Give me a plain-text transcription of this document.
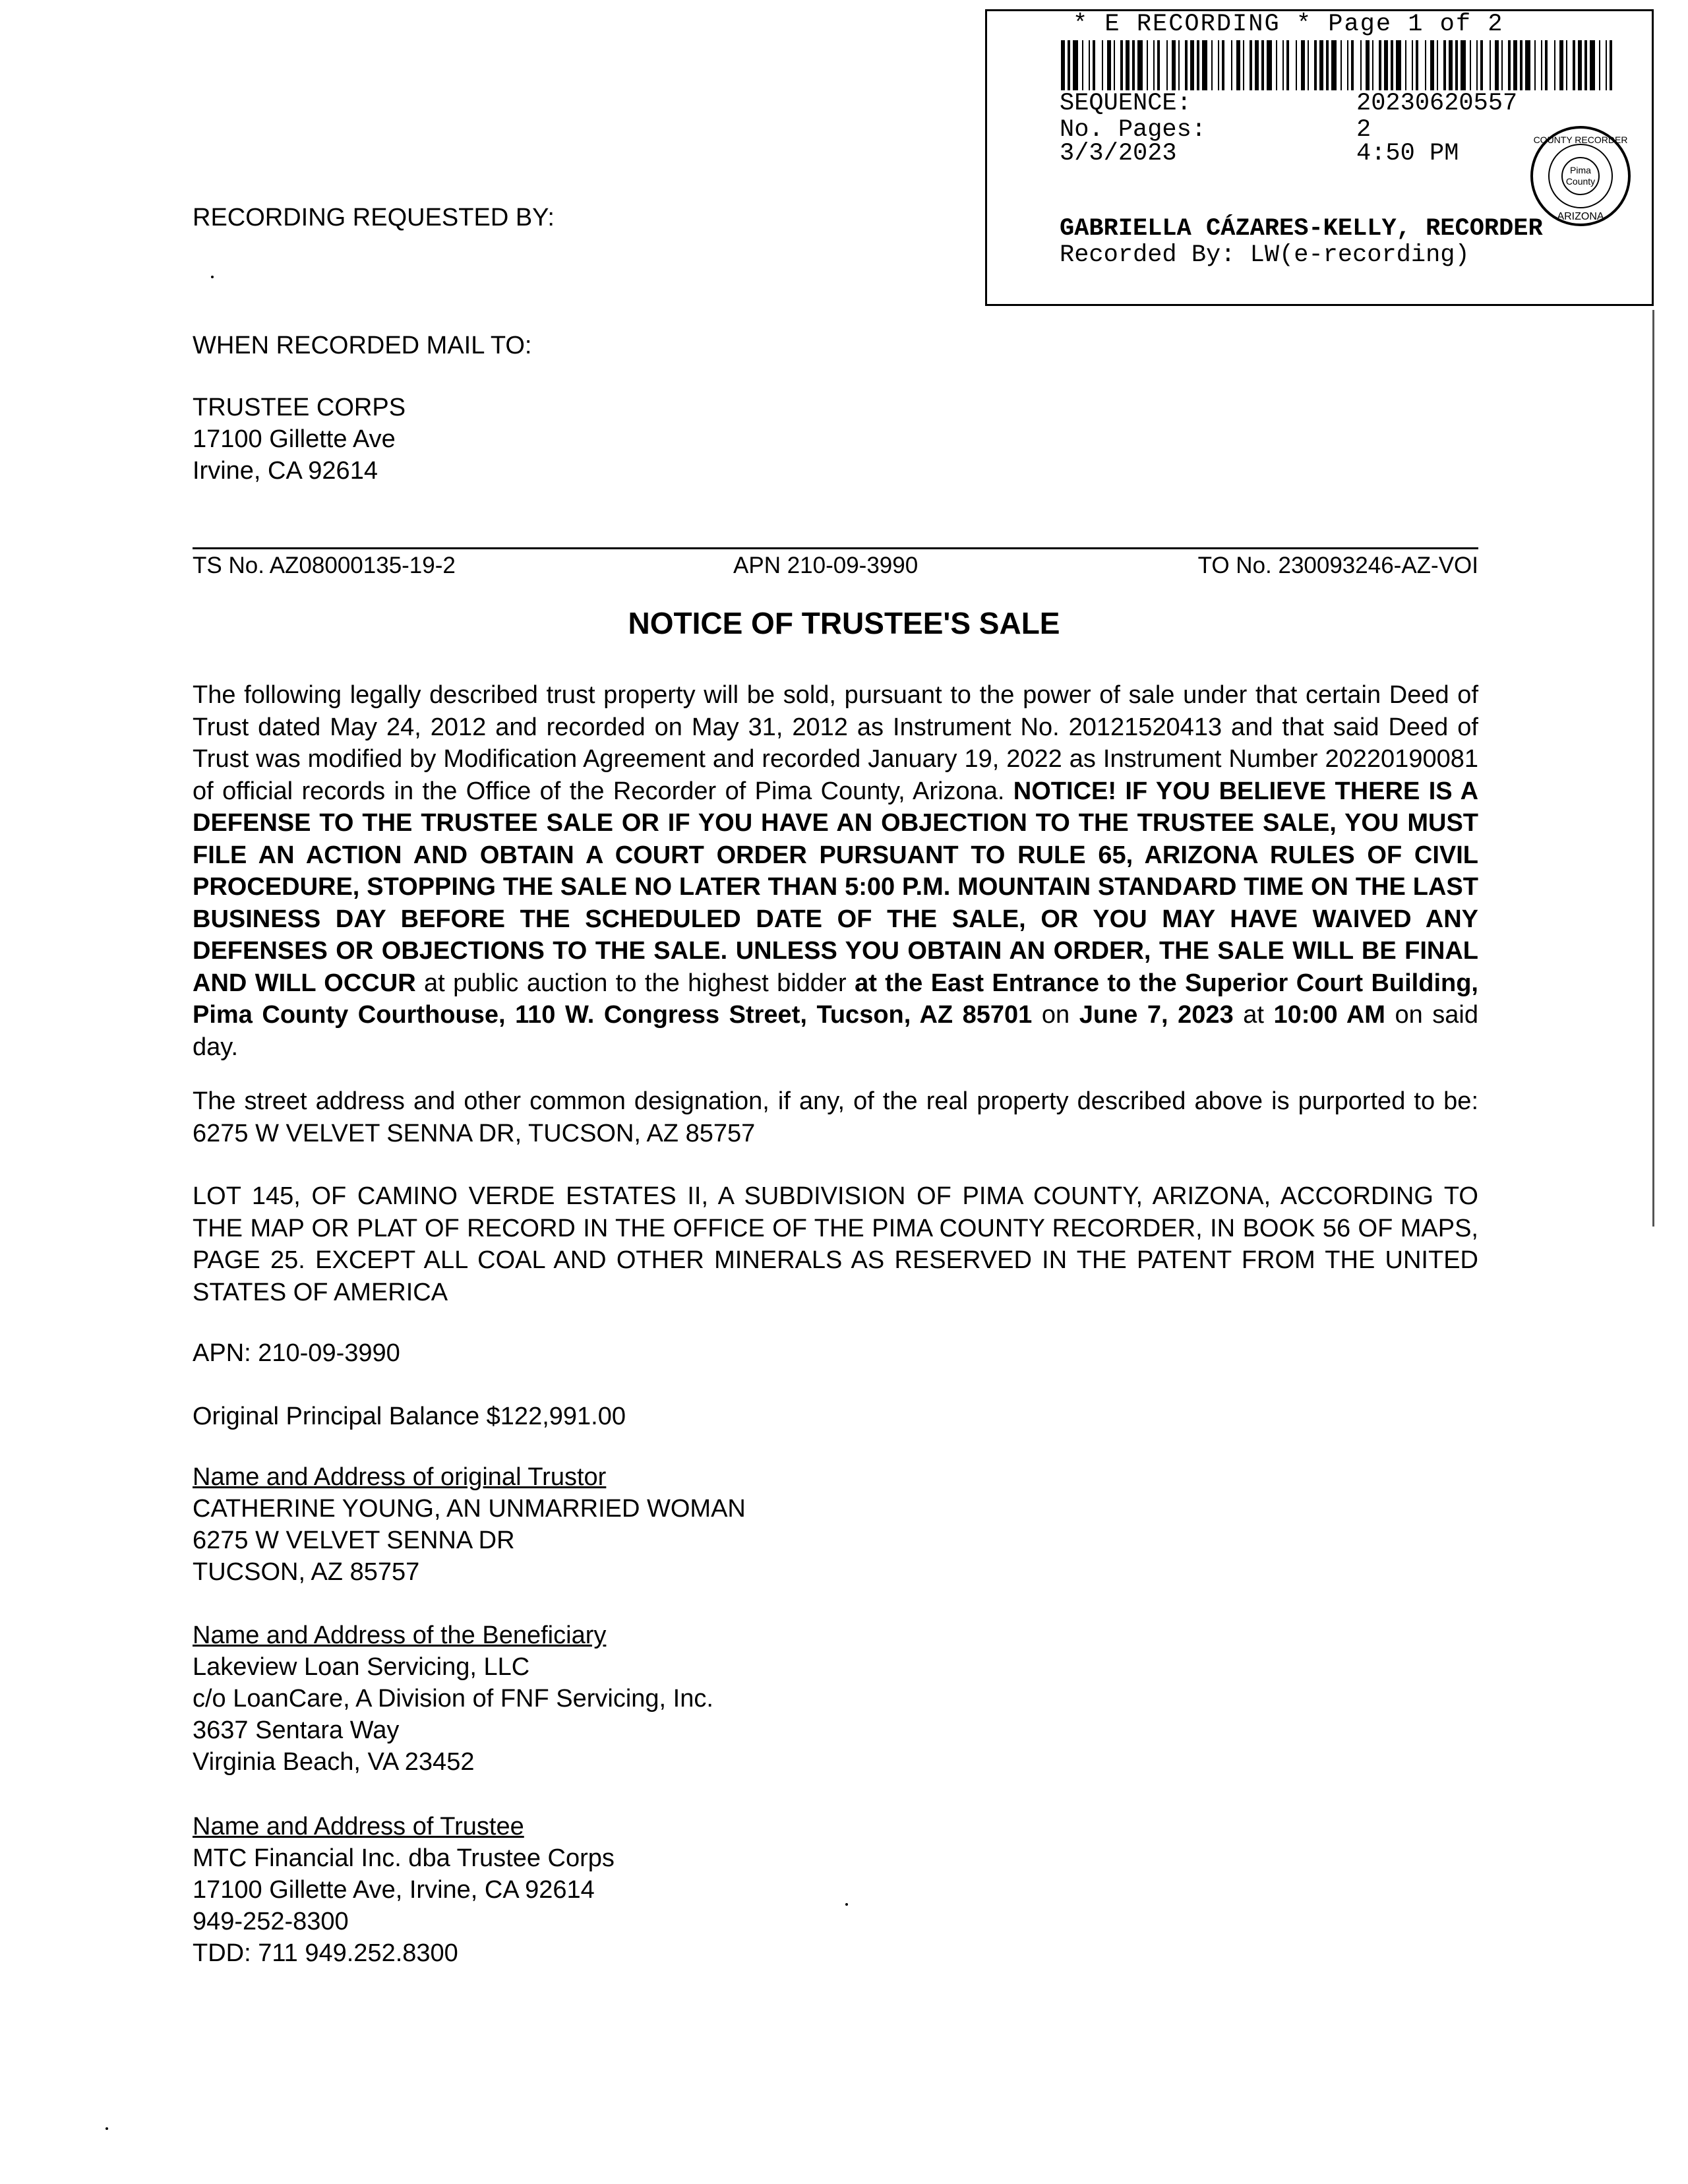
* E RECORDING * Page 1 of 2
SEQUENCE:	20230620557
No. Pages:	2
3/3/2023	4:50 PM
Pima
County
COUNTY RECORDER
ARIZONA
GABRIELLA CÁZARES-KELLY, RECORDER
Recorded By: LW(e-recording)
RECORDING REQUESTED BY:
WHEN RECORDED MAIL TO:
TRUSTEE CORPS
17100 Gillette Ave
Irvine, CA 92614
TS No. AZ08000135-19-2	APN 210-09-3990	TO No. 230093246-AZ-VOI
NOTICE OF TRUSTEE'S SALE
The following legally described trust property will be sold, pursuant to the power of sale under that certain Deed of Trust dated May 24, 2012 and recorded on May 31, 2012 as Instrument No. 20121520413 and that said Deed of Trust was modified by Modification Agreement and recorded January 19, 2022 as Instrument Number 20220190081 of official records in the Office of the Recorder of Pima County, Arizona. NOTICE! IF YOU BELIEVE THERE IS A DEFENSE TO THE TRUSTEE SALE OR IF YOU HAVE AN OBJECTION TO THE TRUSTEE SALE, YOU MUST FILE AN ACTION AND OBTAIN A COURT ORDER PURSUANT TO RULE 65, ARIZONA RULES OF CIVIL PROCEDURE, STOPPING THE SALE NO LATER THAN 5:00 P.M. MOUNTAIN STANDARD TIME ON THE LAST BUSINESS DAY BEFORE THE SCHEDULED DATE OF THE SALE, OR YOU MAY HAVE WAIVED ANY DEFENSES OR OBJECTIONS TO THE SALE. UNLESS YOU OBTAIN AN ORDER, THE SALE WILL BE FINAL AND WILL OCCUR at public auction to the highest bidder at the East Entrance to the Superior Court Building, Pima County Courthouse, 110 W. Congress Street, Tucson, AZ 85701 on June 7, 2023 at 10:00 AM on said day.
The street address and other common designation, if any, of the real property described above is purported to be: 6275 W VELVET SENNA DR, TUCSON, AZ 85757
LOT 145, OF CAMINO VERDE ESTATES II, A SUBDIVISION OF PIMA COUNTY, ARIZONA, ACCORDING TO THE MAP OR PLAT OF RECORD IN THE OFFICE OF THE PIMA COUNTY RECORDER, IN BOOK 56 OF MAPS, PAGE 25. EXCEPT ALL COAL AND OTHER MINERALS AS RESERVED IN THE PATENT FROM THE UNITED STATES OF AMERICA
APN: 210-09-3990
Original Principal Balance $122,991.00
Name and Address of original Trustor
CATHERINE YOUNG, AN UNMARRIED WOMAN
6275 W VELVET SENNA DR
TUCSON, AZ 85757
Name and Address of the Beneficiary
Lakeview Loan Servicing, LLC
c/o LoanCare, A Division of FNF Servicing, Inc.
3637 Sentara Way
Virginia Beach, VA 23452
Name and Address of Trustee
MTC Financial Inc. dba Trustee Corps
17100 Gillette Ave, Irvine, CA 92614
949-252-8300
TDD: 711 949.252.8300
